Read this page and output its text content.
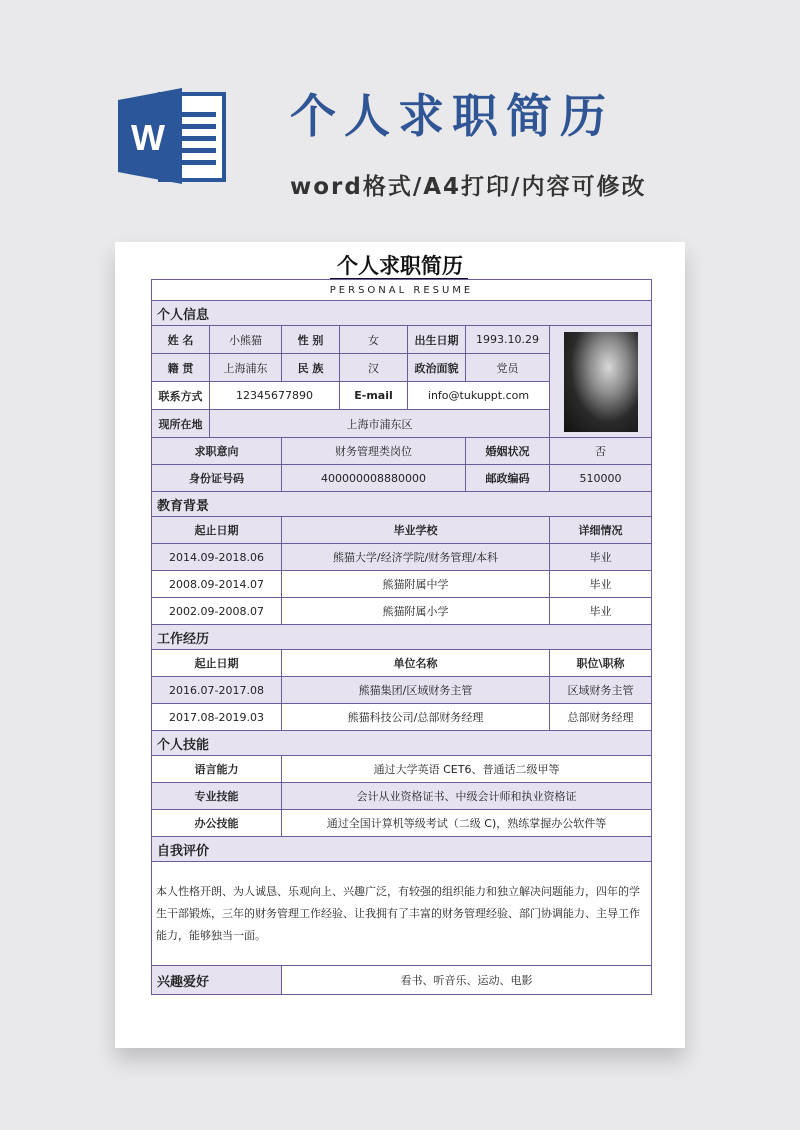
W	个人求职简历
word格式/A4打印/内容可修改
个人求职简历
PERSONAL RESUME						
个人信息						
姓 名	小熊猫	性 别	女	出生日期	1993.10.29	

籍 贯	上海浦东	民 族	汉	政治面貌	党员	
联系方式	12345677890		E-mail	info@tukuppt.com		
现所在地	上海市浦东区					
求职意向		财务管理类岗位			婚姻状况	否
身份证号码		400000008880000			邮政编码	510000
教育背景						
起止日期		毕业学校				详细情况
2014.09-2018.06		熊猫大学/经济学院/财务管理/本科				毕业
2008.09-2014.07		熊猫附属中学				毕业
2002.09-2008.07		熊猫附属小学				毕业
工作经历						
起止日期		单位名称				职位\职称
2016.07-2017.08		熊猫集团/区域财务主管				区域财务主管
2017.08-2019.03		熊猫科技公司/总部财务经理				总部财务经理
个人技能						
语言能力		通过大学英语 CET6、普通话二级甲等				
专业技能		会计从业资格证书、中级会计师和执业资格证				
办公技能		通过全国计算机等级考试（二级 C)，熟练掌握办公软件等				
自我评价						
本人性格开朗、为人诚恳、乐观向上、兴趣广泛，有较强的组织能力和独立解决问题能力，四年的学生干部锻炼，三年的财务管理工作经验、让我拥有了丰富的财务管理经验、部门协调能力、主导工作能力，能够独当一面。						
兴趣爱好		看书、听音乐、运动、电影				
